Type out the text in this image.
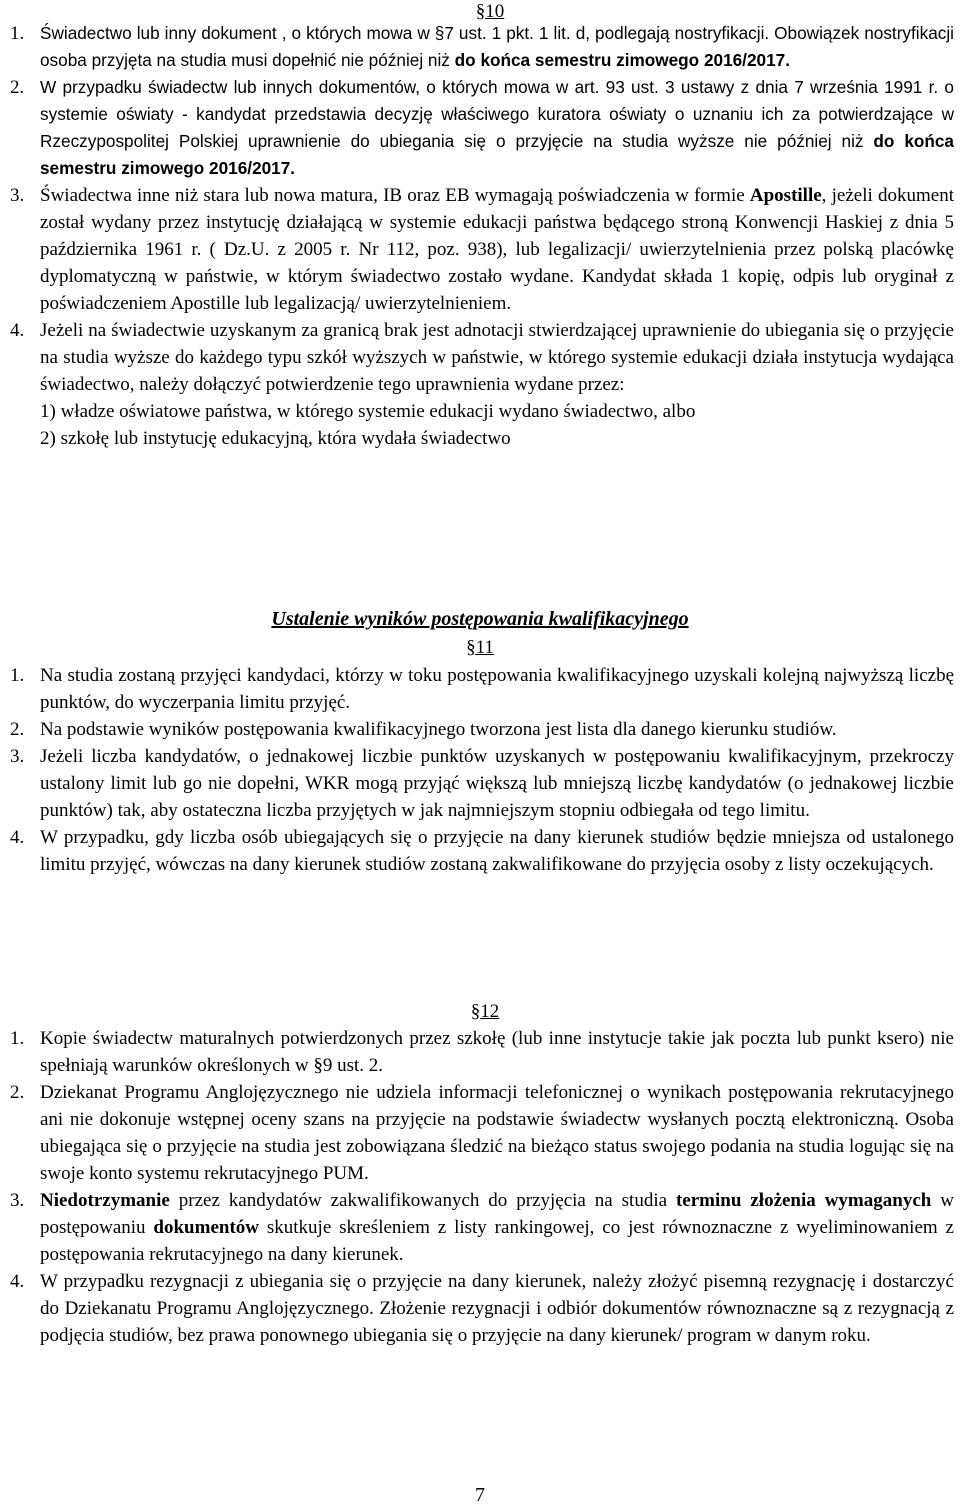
§10

1. Świadectwo lub inny dokument , o których mowa w §7 ust. 1 pkt. 1 lit. d, podlegają nostryfikacji. Obowiązek nostryfikacji osoba przyjęta na studia musi dopełnić nie później niż do końca semestru zimowego 2016/2017.

2. W przypadku świadectw lub innych dokumentów, o których mowa w art. 93 ust. 3 ustawy z dnia 7 września 1991 r. o systemie oświaty - kandydat przedstawia decyzję właściwego kuratora oświaty o uznaniu ich za potwierdzające w Rzeczypospolitej Polskiej uprawnienie do ubiegania się o przyjęcie na studia wyższe nie później niż do końca semestru zimowego 2016/2017.

3. Świadectwa inne niż stara lub nowa matura, IB oraz EB wymagają poświadczenia w formie Apostille, jeżeli dokument został wydany przez instytucję działającą w systemie edukacji państwa będącego stroną Konwencji Haskiej z dnia 5 października 1961 r. ( Dz.U. z 2005 r. Nr 112, poz. 938), lub legalizacji/ uwierzytelnienia przez polską placówkę dyplomatyczną w państwie, w którym świadectwo zostało wydane. Kandydat składa 1 kopię, odpis lub oryginał z poświadczeniem Apostille lub legalizacją/ uwierzytelnieniem.

4. Jeżeli na świadectwie uzyskanym za granicą brak jest adnotacji stwierdzającej uprawnienie do ubiegania się o przyjęcie na studia wyższe do każdego typu szkół wyższych w państwie, w którego systemie edukacji działa instytucja wydająca świadectwo, należy dołączyć potwierdzenie tego uprawnienia wydane przez:

1) władze oświatowe państwa, w którego systemie edukacji wydano świadectwo, albo

2) szkołę lub instytucję edukacyjną, która wydała świadectwo

Ustalenie wyników postępowania kwalifikacyjnego
§11

1. Na studia zostaną przyjęci kandydaci, którzy w toku postępowania kwalifikacyjnego uzyskali kolejną najwyższą liczbę punktów, do wyczerpania limitu przyjęć.

2. Na podstawie wyników postępowania kwalifikacyjnego tworzona jest lista dla danego kierunku studiów.

3. Jeżeli liczba kandydatów, o jednakowej liczbie punktów uzyskanych w postępowaniu kwalifikacyjnym, przekroczy ustalony limit lub go nie dopełni, WKR mogą przyjąć większą lub mniejszą liczbę kandydatów (o jednakowej liczbie punktów) tak, aby ostateczna liczba przyjętych w jak najmniejszym stopniu odbiegała od tego limitu.

4. W przypadku, gdy liczba osób ubiegających się o przyjęcie na dany kierunek studiów będzie mniejsza od ustalonego limitu przyjęć, wówczas na dany kierunek studiów zostaną zakwalifikowane do przyjęcia osoby z listy oczekujących.

§12

1. Kopie świadectw maturalnych potwierdzonych przez szkołę (lub inne instytucje takie jak poczta lub punkt ksero) nie spełniają warunków określonych w §9 ust. 2.

2. Dziekanat Programu Anglojęzycznego nie udziela informacji telefonicznej o wynikach postępowania rekrutacyjnego ani nie dokonuje wstępnej oceny szans na przyjęcie na podstawie świadectw wysłanych pocztą elektroniczną. Osoba ubiegająca się o przyjęcie na studia jest zobowiązana śledzić na bieżąco status swojego podania na studia logując się na swoje konto systemu rekrutacyjnego PUM.

3. Niedotrzymanie przez kandydatów zakwalifikowanych do przyjęcia na studia terminu złożenia wymaganych w postępowaniu dokumentów skutkuje skreśleniem z listy rankingowej, co jest równoznaczne z wyeliminowaniem z postępowania rekrutacyjnego na dany kierunek.

4. W przypadku rezygnacji z ubiegania się o przyjęcie na dany kierunek, należy złożyć pisemną rezygnację i dostarczyć do Dziekanatu Programu Anglojęzycznego. Złożenie rezygnacji i odbiór dokumentów równoznaczne są z rezygnacją z podjęcia studiów, bez prawa ponownego ubiegania się o przyjęcie na dany kierunek/ program w danym roku.

7
